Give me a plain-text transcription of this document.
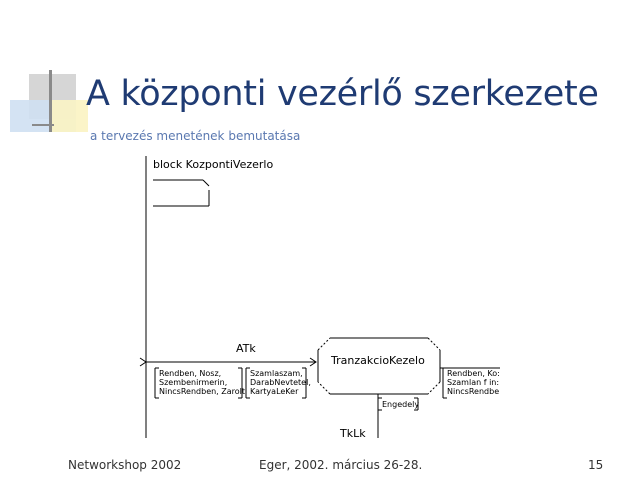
A központi vezérlő szerkezete
a tervezés menetének bemutatása
block KozpontiVezerlo
ATk
Rendben, Nosz,
Szembenirmerin,
NincsRendben, Zarolt
Szamlaszam,
DarabNevtetel,
KartyaLeKer
TranzakcioKezelo
Rendben, Ko:
Szamlan f in:
NincsRendbe
Engedely
TkLk
Networkshop 2002	Eger, 2002. március 26-28.	15
